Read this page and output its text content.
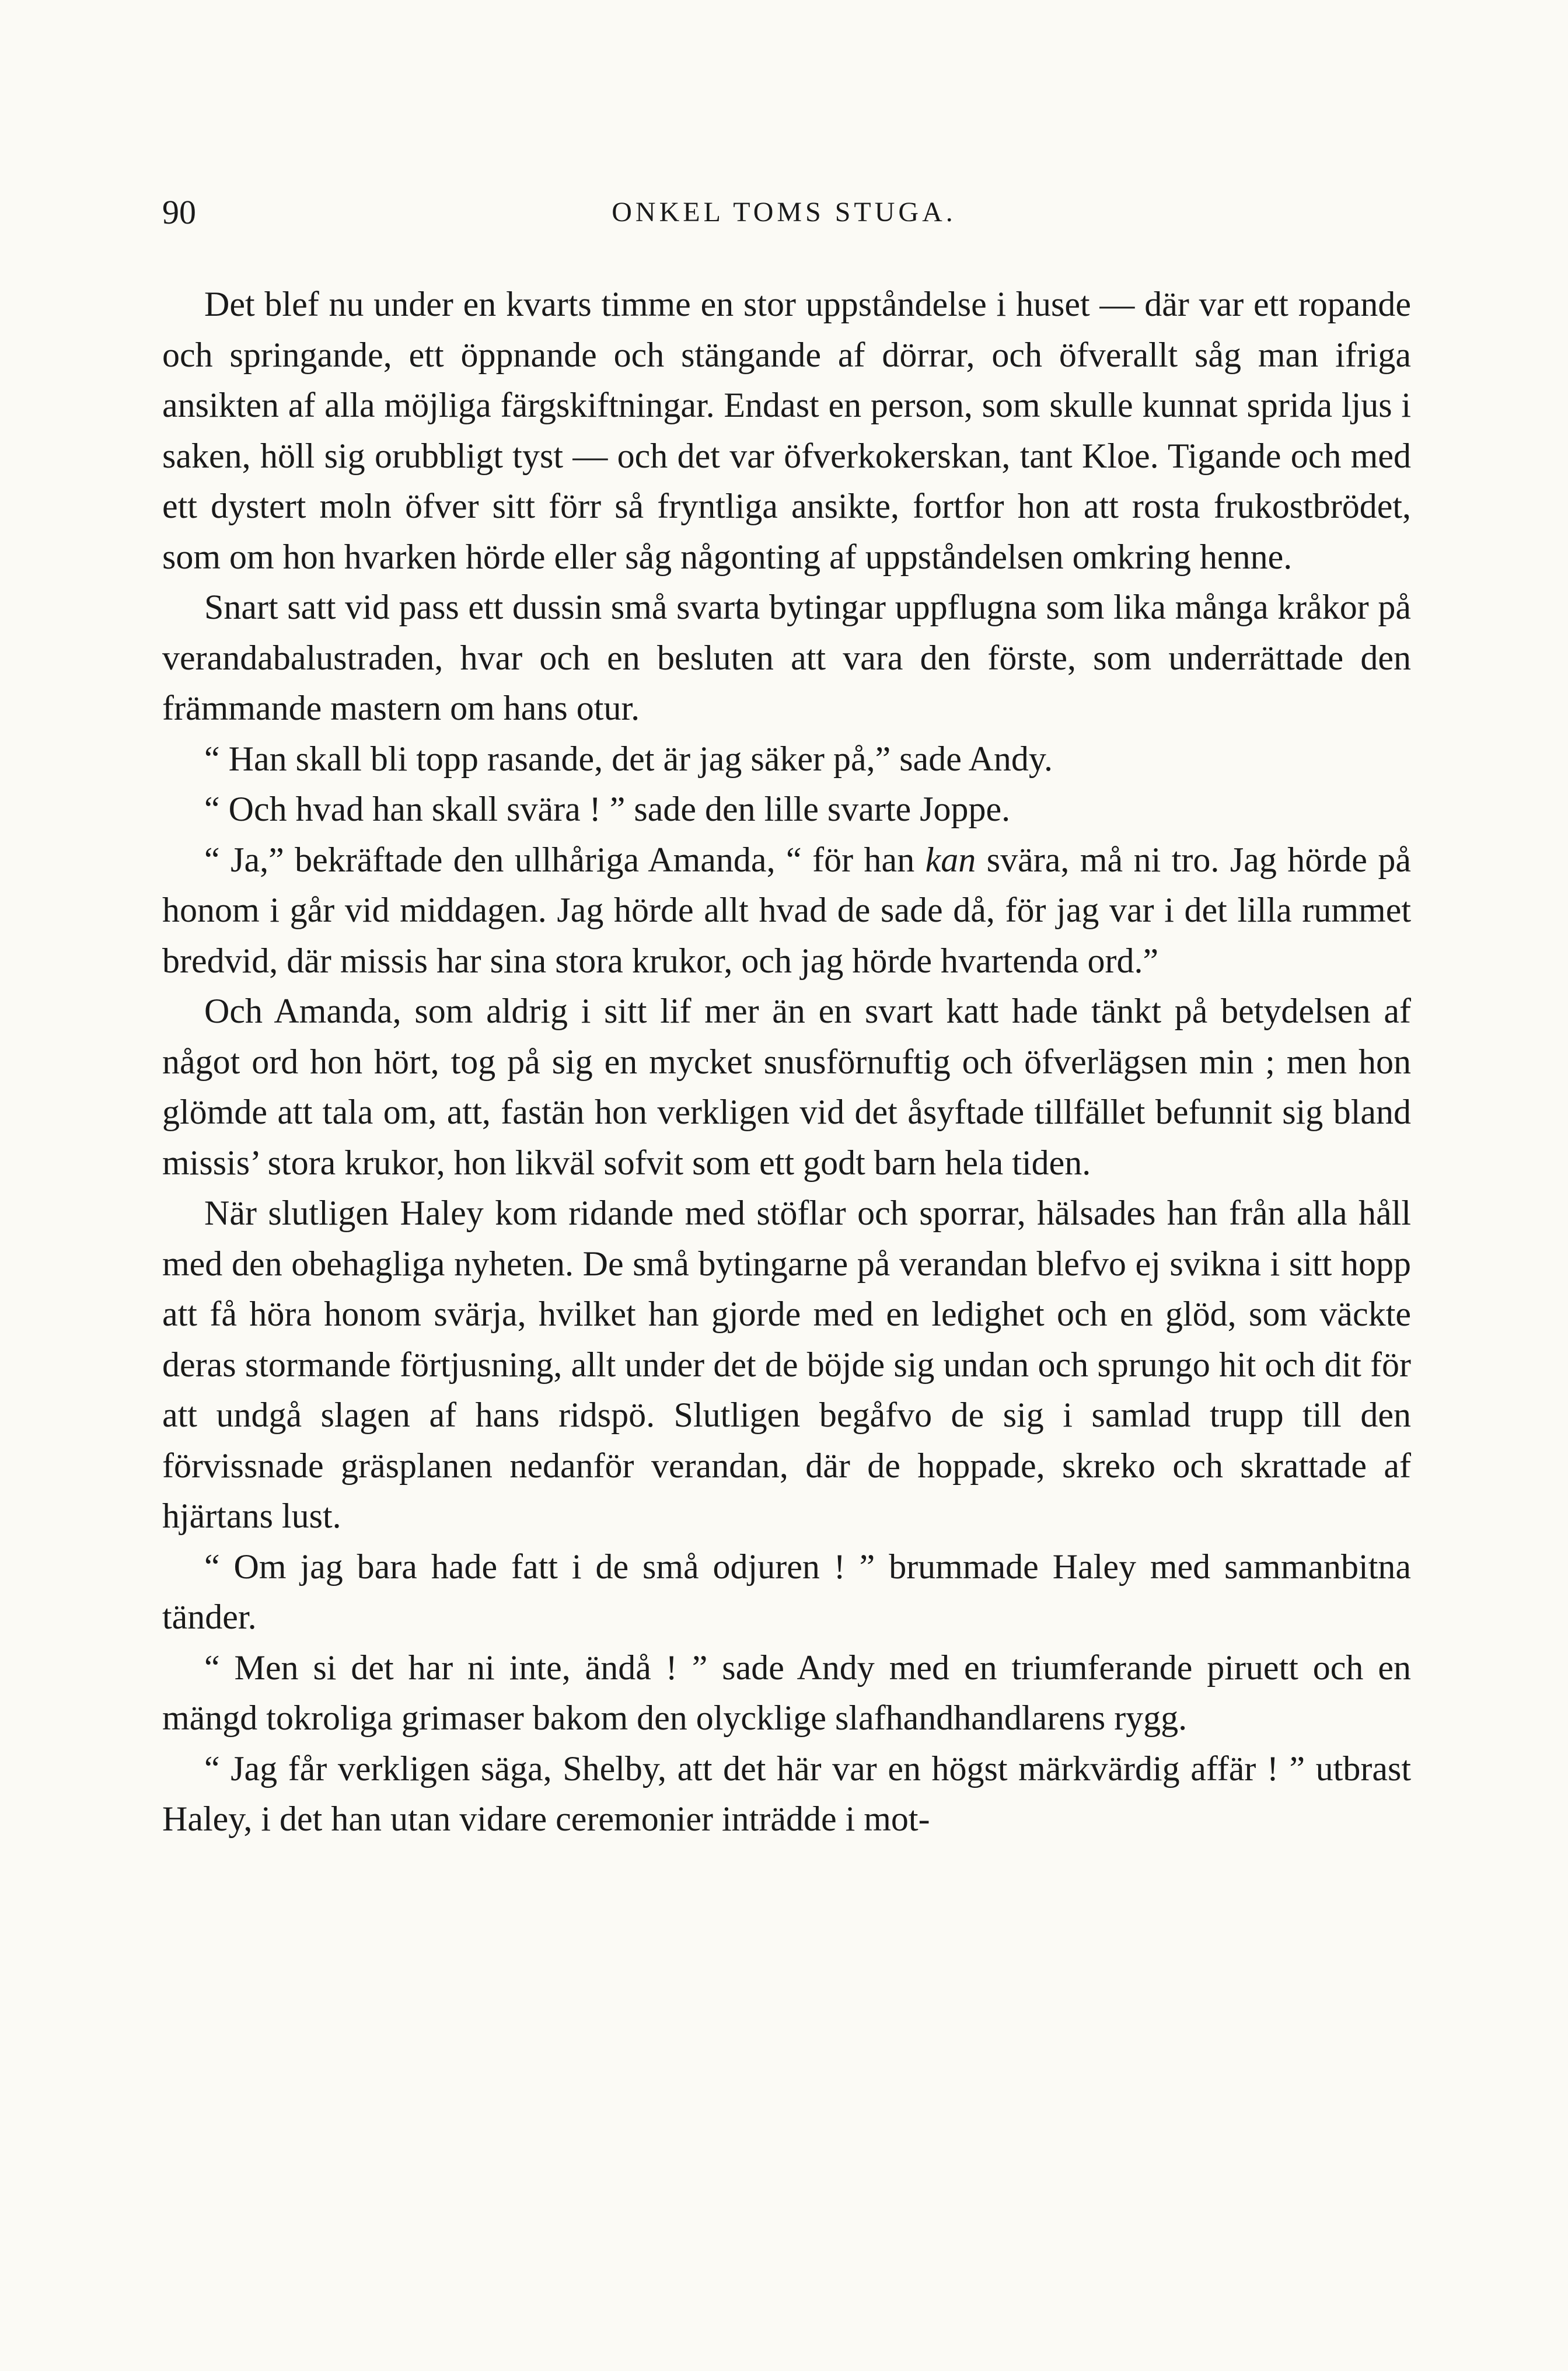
90	ONKEL TOMS STUGA.

Det blef nu under en kvarts timme en stor uppståndelse i huset — där var ett ropande och springande, ett öppnande och stängande af dörrar, och öfverallt såg man ifriga ansikten af alla möjliga färgskiftningar. Endast en person, som skulle kunnat sprida ljus i saken, höll sig orubbligt tyst — och det var öfverkokerskan, tant Kloe. Tigande och med ett dystert moln öfver sitt förr så fryntliga ansikte, fortfor hon att rosta frukostbrödet, som om hon hvarken hörde eller såg någonting af uppståndelsen omkring henne.

Snart satt vid pass ett dussin små svarta bytingar uppflugna som lika många kråkor på verandabalustraden, hvar och en besluten att vara den förste, som underrättade den främmande mastern om hans otur.

“ Han skall bli topp rasande, det är jag säker på,” sade Andy.

“ Och hvad han skall svära ! ” sade den lille svarte Joppe.

“ Ja,” bekräftade den ullhåriga Amanda, “ för han kan svära, må ni tro. Jag hörde på honom i går vid middagen. Jag hörde allt hvad de sade då, för jag var i det lilla rummet bredvid, där missis har sina stora krukor, och jag hörde hvartenda ord.”

Och Amanda, som aldrig i sitt lif mer än en svart katt hade tänkt på betydelsen af något ord hon hört, tog på sig en mycket snusförnuftig och öfverlägsen min ; men hon glömde att tala om, att, fastän hon verkligen vid det åsyftade tillfället befunnit sig bland missis’ stora krukor, hon likväl sofvit som ett godt barn hela tiden.

När slutligen Haley kom ridande med stöflar och sporrar, hälsades han från alla håll med den obehagliga nyheten. De små bytingarne på verandan blefvo ej svikna i sitt hopp att få höra honom svärja, hvilket han gjorde med en ledighet och en glöd, som väckte deras stormande förtjusning, allt under det de böjde sig undan och sprungo hit och dit för att undgå slagen af hans ridspö. Slutligen begåfvo de sig i samlad trupp till den förvissnade gräsplanen nedanför verandan, där de hoppade, skreko och skrattade af hjärtans lust.

“ Om jag bara hade fatt i de små odjuren ! ” brummade Haley med sammanbitna tänder.

“ Men si det har ni inte, ändå ! ” sade Andy med en triumferande piruett och en mängd tokroliga grimaser bakom den olycklige slafhandhandlarens rygg.

“ Jag får verkligen säga, Shelby, att det här var en högst märkvärdig affär ! ” utbrast Haley, i det han utan vidare ceremonier inträdde i mot-
